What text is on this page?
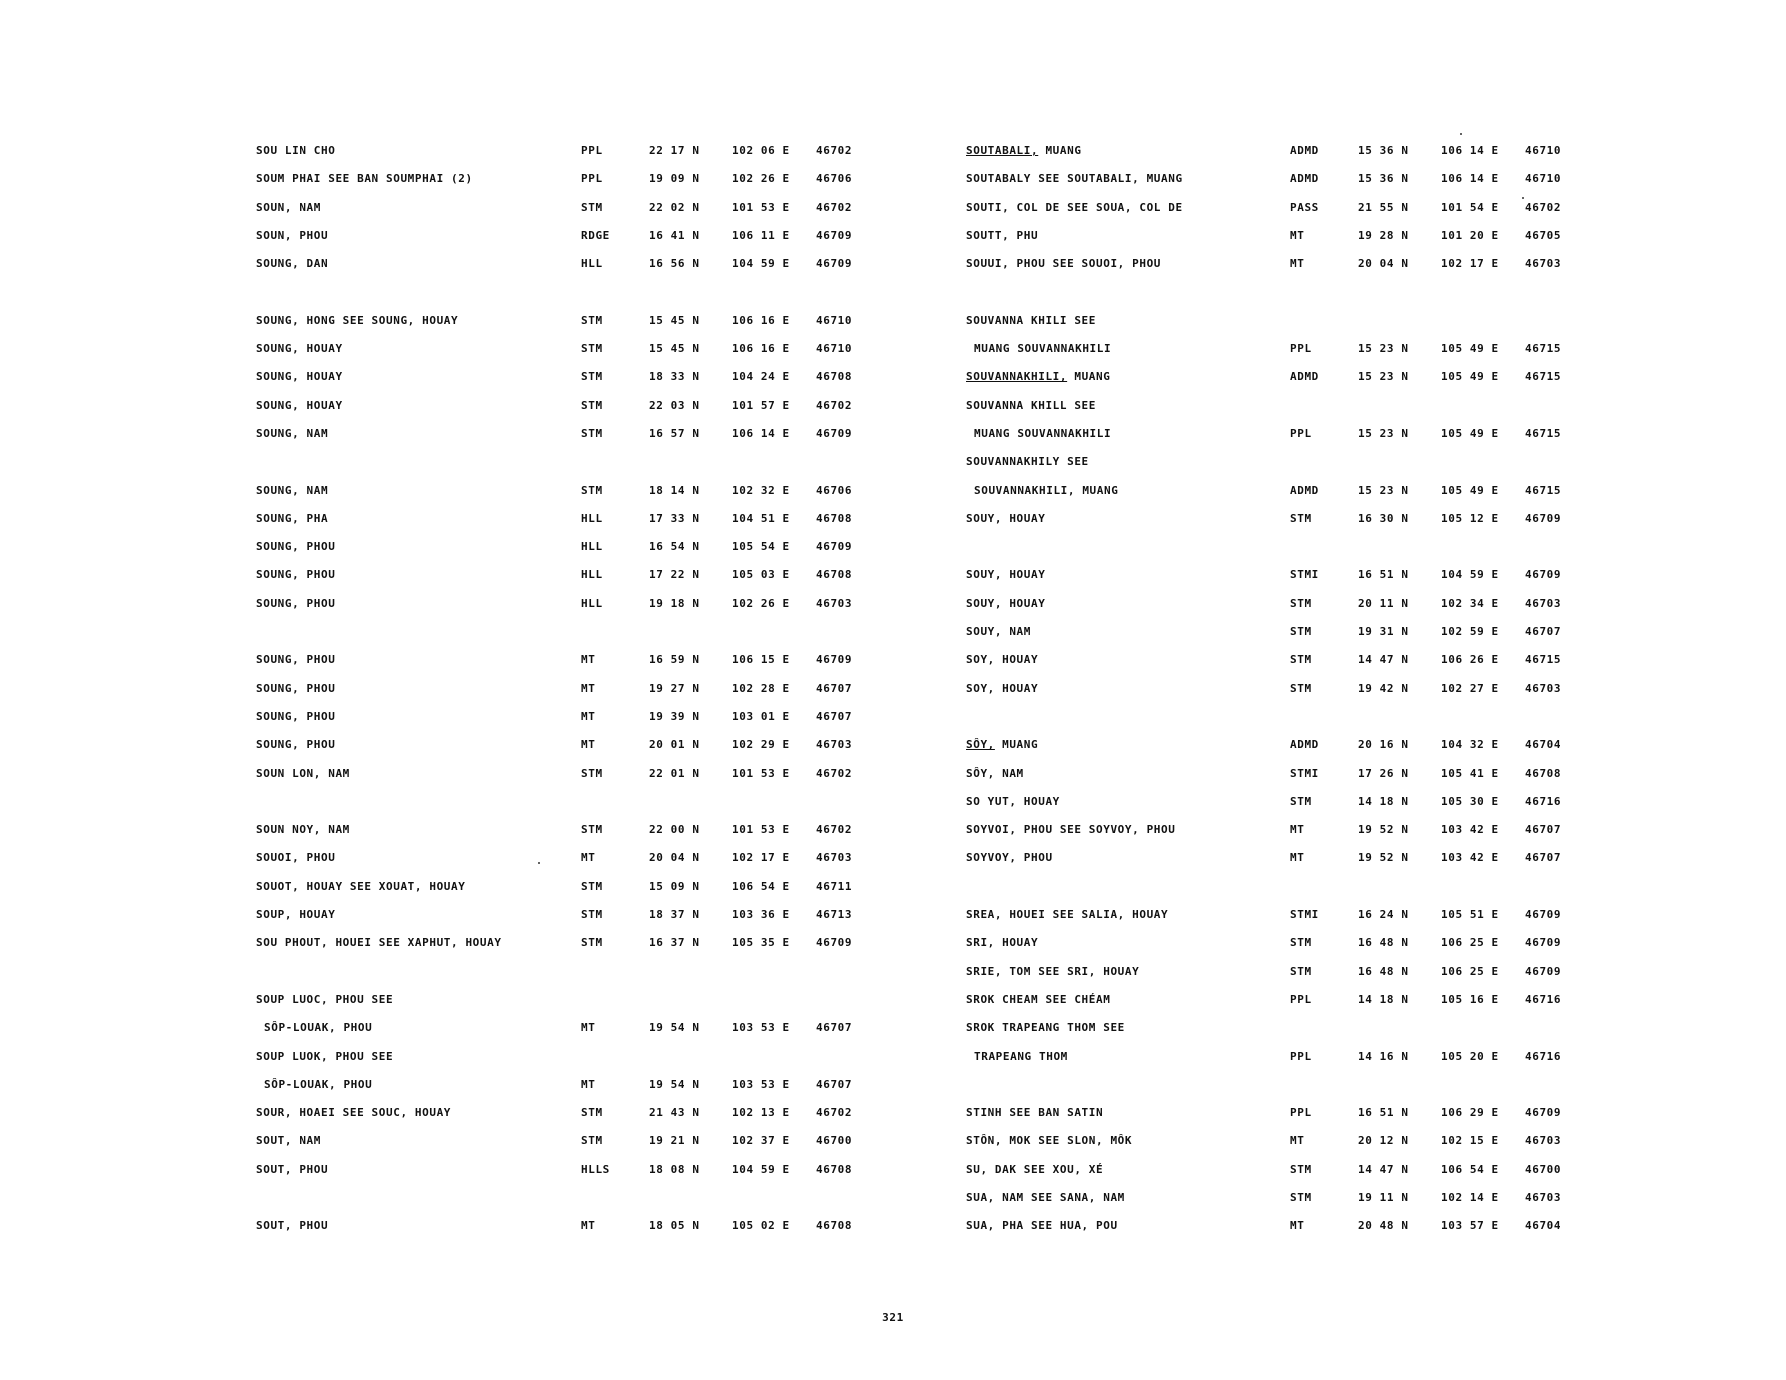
SOU LIN CHO	PPL	22 17 N	102 06 E 46702
SOUM PHAI SEE BAN SOUMPHAI (2)	PPL	19 09 N	102 26 E 46706
SOUN, NAM	STM	22 02 N	101 53 E 46702
SOUN, PHOU	RDGE	16 41 N	106 11 E 46709
SOUNG, DAN	HLL	16 56 N	104 59 E 46709
SOUNG, HONG SEE SOUNG, HOUAY	STM	15 45 N	106 16 E 46710
SOUNG, HOUAY	STM	15 45 N	106 16 E 46710
SOUNG, HOUAY	STM	18 33 N	104 24 E 46708
SOUNG, HOUAY	STM	22 03 N	101 57 E 46702
SOUNG, NAM	STM	16 57 N	106 14 E 46709
SOUNG, NAM	STM	18 14 N	102 32 E 46706
SOUNG, PHA	HLL	17 33 N	104 51 E 46708
SOUNG, PHOU	HLL	16 54 N	105 54 E 46709
SOUNG, PHOU	HLL	17 22 N	105 03 E 46708
SOUNG, PHOU	HLL	19 18 N	102 26 E 46703
SOUNG, PHOU	MT	16 59 N	106 15 E 46709
SOUNG, PHOU	MT	19 27 N	102 28 E 46707
SOUNG, PHOU	MT	19 39 N	103 01 E 46707
SOUNG, PHOU	MT	20 01 N	102 29 E 46703
SOUN LON, NAM	STM	22 01 N	101 53 E 46702
SOUN NOY, NAM	STM	22 00 N	101 53 E 46702
SOUOI, PHOU	MT	20 04 N	102 17 E 46703
SOUOT, HOUAY SEE XOUAT, HOUAY	STM	15 09 N	106 54 E 46711
SOUP, HOUAY	STM	18 37 N	103 36 E 46713
SOU PHOUT, HOUEI SEE XAPHUT, HOUAY	STM	16 37 N	105 35 E 46709
SOUP LUOC, PHOU SEE
SÔP-LOUAK, PHOU	MT	19 54 N	103 53 E 46707
SOUP LUOK, PHOU SEE
SÔP-LOUAK, PHOU	MT	19 54 N	103 53 E 46707
SOUR, HOAEI SEE SOUC, HOUAY	STM	21 43 N	102 13 E 46702
SOUT, NAM	STM	19 21 N	102 37 E 46700
SOUT, PHOU	HLLS	18 08 N	104 59 E 46708
SOUT, PHOU	MT	18 05 N	105 02 E 46708
SOUTABALI, MUANG	ADMD	15 36 N	106 14 E 46710
SOUTABALY SEE SOUTABALI, MUANG	ADMD	15 36 N	106 14 E 46710
SOUTI, COL DE SEE SOUA, COL DE	PASS	21 55 N	101 54 E 46702
SOUTT, PHU	MT	19 28 N	101 20 E 46705
SOUUI, PHOU SEE SOUOI, PHOU	MT	20 04 N	102 17 E 46703
SOUVANNA KHILI SEE
MUANG SOUVANNAKHILI	PPL	15 23 N	105 49 E 46715
SOUVANNAKHILI, MUANG	ADMD	15 23 N	105 49 E 46715
SOUVANNA KHILL SEE
MUANG SOUVANNAKHILI	PPL	15 23 N	105 49 E 46715
SOUVANNAKHILY SEE
SOUVANNAKHILI, MUANG	ADMD	15 23 N	105 49 E 46715
SOUY, HOUAY	STM	16 30 N	105 12 E 46709
SOUY, HOUAY	STMI	16 51 N	104 59 E 46709
SOUY, HOUAY	STM	20 11 N	102 34 E 46703
SOUY, NAM	STM	19 31 N	102 59 E 46707
SOY, HOUAY	STM	14 47 N	106 26 E 46715
SOY, HOUAY	STM	19 42 N	102 27 E 46703
SÔY, MUANG	ADMD	20 16 N	104 32 E 46704
SÔY, NAM	STMI	17 26 N	105 41 E 46708
SO YUT, HOUAY	STM	14 18 N	105 30 E 46716
SOYVOI, PHOU SEE SOYVOY, PHOU	MT	19 52 N	103 42 E 46707
SOYVOY, PHOU	MT	19 52 N	103 42 E 46707
SREA, HOUEI SEE SALIA, HOUAY	STMI	16 24 N	105 51 E 46709
SRI, HOUAY	STM	16 48 N	106 25 E 46709
SRIE, TOM SEE SRI, HOUAY	STM	16 48 N	106 25 E 46709
SROK CHEAM SEE CHÉAM	PPL	14 18 N	105 16 E 46716
SROK TRAPEANG THOM SEE
TRAPEANG THOM	PPL	14 16 N	105 20 E 46716
STINH SEE BAN SATIN	PPL	16 51 N	106 29 E 46709
STÔN, MOK SEE SLON, MÔK	MT	20 12 N	102 15 E 46703
SU, DAK SEE XOU, XÉ	STM	14 47 N	106 54 E 46700
SUA, NAM SEE SANA, NAM	STM	19 11 N	102 14 E 46703
SUA, PHA SEE HUA, POU	MT	20 48 N	103 57 E 46704
321
